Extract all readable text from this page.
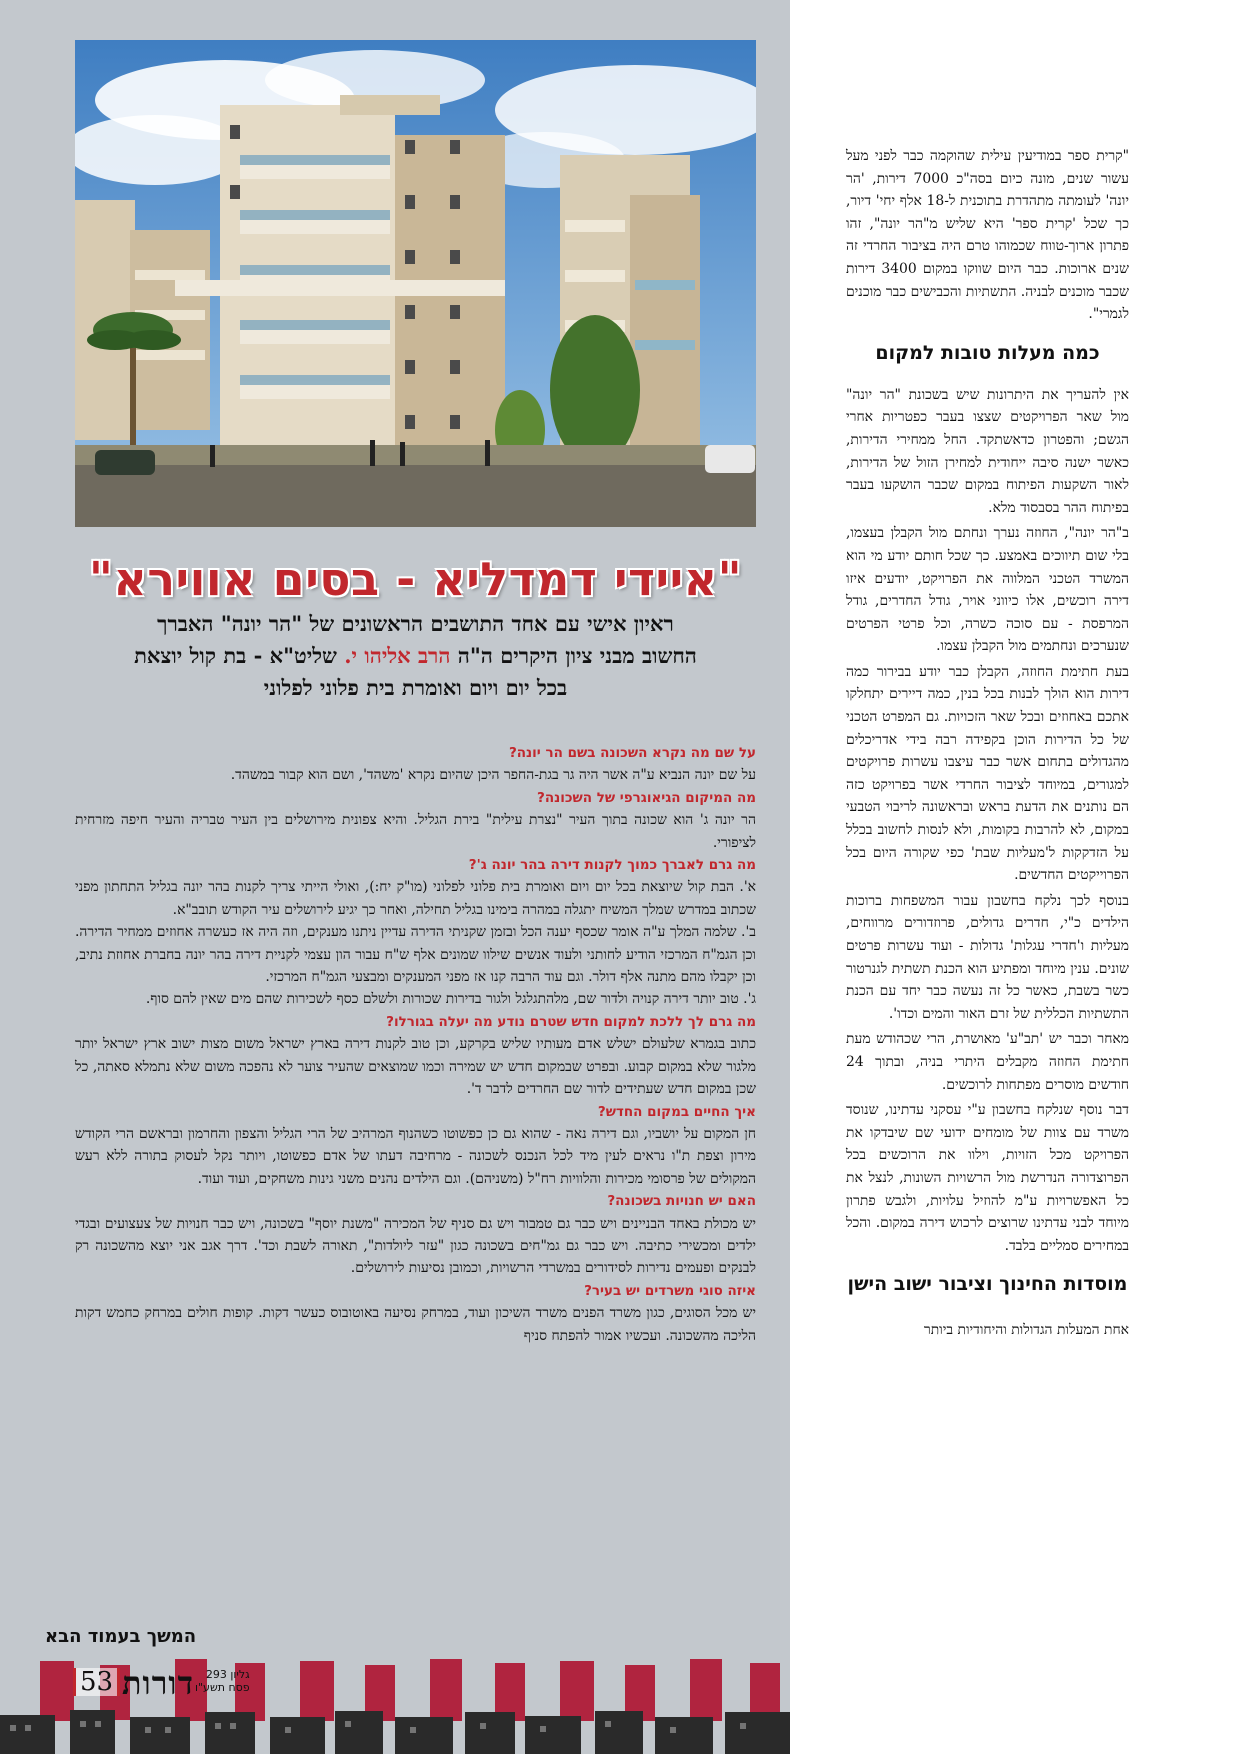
"איידי דמדליא - בסים אווירא"
ראיון אישי עם אחד התושבים הראשונים של "הר יונה" האברך
החשוב מבני ציון היקרים ה"ה הרב אליהו י. שליט"א - בת קול יוצאת
בכל יום ויום ואומרת בית פלוני לפלוני

על שם מה נקרא השכונה בשם הר יונה?

על שם יונה הנביא ע"ה אשר היה גר בגת-החפר היכן שהיום נקרא 'משהד', ושם הוא קבור במשהד.

מה המיקום הגיאוגרפי של השכונה?

הר יונה ג' הוא שכונה בתוך העיר "נצרת עילית" בירת הגליל. והיא צפונית מירושלים בין העיר טבריה והעיר חיפה מזרחית לציפורי.

מה גרם לאברך כמוך לקנות דירה בהר יונה ג'?

א'. הבת קול שיוצאת בכל יום ויום ואומרת בית פלוני לפלוני (מו"ק יח:), ואולי הייתי צריך לקנות בהר יונה בגליל התחתון מפני שכתוב במדרש שמלך המשיח יתגלה במהרה בימינו בגליל תחילה, ואחר כך יגיע לירושלים עיר הקודש תובב"א.

ב'. שלמה המלך ע"ה אומר שכסף יענה הכל ובזמן שקניתי הדירה עדיין ניתנו מענקים, וזה היה אז כעשרה אחוזים ממחיר הדירה. וכן הגמ"ח המרכזי הודיע לחותני ולעוד אנשים שילוו שמונים אלף ש"ח עבור הון עצמי לקניית דירה בהר יונה בחברת אחוזת נתיב, וכן יקבלו מהם מתנה אלף דולר. וגם עוד הרבה קנו אז מפני המענקים ומבצעי הגמ"ח המרכזי.

ג'. טוב יותר דירה קנויה ולדור שם, מלהתגלגל ולגור בדירות שכורות ולשלם כסף לשכירות שהם מים שאין להם סוף.

מה גרם לך ללכת למקום חדש שטרם נודע מה יעלה בגורלו?

כתוב בגמרא שלעולם ישלש אדם מעותיו שליש בקרקע, וכן טוב לקנות דירה בארץ ישראל משום מצות ישוב ארץ ישראל יותר מלגור שלא במקום קבוע. ובפרט שבמקום חדש יש שמירה וכמו שמוצאים שהעיר צוער לא נהפכה משום שלא נתמלא סאתה, כל שכן במקום חדש שעתידים לדור שם החרדים לדבר ד'.

איך החיים במקום החדש?

חן המקום על יושביו, וגם דירה נאה - שהוא גם כן כפשוטו כשהנוף המרהיב של הרי הגליל והצפון והחרמון ובראשם הרי הקודש מירון וצפת ת"ו נראים לעין מיד לכל הנכנס לשכונה - מרחיבה דעתו של אדם כפשוטו, ויותר נקל לעסוק בתורה ללא רעש המקולים של פרסומי מכירות והלוויות רח"ל (משניהם). וגם הילדים נהנים משני גינות משחקים, ועוד ועוד.

האם יש חנויות בשכונה?

יש מכולת באחד הבניינים ויש כבר גם טמבור ויש גם סניף של המכירה "משנת יוסף" בשכונה, ויש כבר חנויות של צעצועים ובגדי ילדים ומכשירי כתיבה. ויש כבר גם גמ"חים בשכונה כגון "עזר ליולדות", תאורה לשבת וכד'. דרך אגב אני יוצא מהשכונה רק לבנקים ופעמים נדירות לסידורים במשרדי הרשויות, וכמובן נסיעות לירושלים.

איזה סוגי משרדים יש בעיר?

יש מכל הסוגים, כגון משרד הפנים משרד השיכון ועוד, במרחק נסיעה באוטובוס כעשר דקות. קופות חולים במרחק כחמש דקות הליכה מהשכונה. ועכשיו אמור להפתח סניף

המשך בעמוד הבא
53 דורות	גליון 293
פסח תשע"ו

"קרית ספר במודיעין עילית שהוקמה כבר לפני מעל עשור שנים, מונה כיום בסה"כ 7000 דירות, 'הר יונה' לעומתה מתהדרת בתוכנית ל-18 אלף יחי' דיור, כך שכל 'קרית ספר' היא שליש מ"הר יונה", זהו פתרון ארוך-טווח שכמוהו טרם היה בציבור החרדי זה שנים ארוכות. כבר היום שווקו במקום 3400 דירות שכבר מוכנים לבניה. התשתיות והכבישים כבר מוכנים לגמרי".

כמה מעלות טובות למקום

אין להעריך את היתרונות שיש בשכונת "הר יונה" מול שאר הפרויקטים שצצו בעבר כפטריות אחרי הגשם; והפטרון כדאשתקד. החל ממחירי הדירות, כאשר ישנה סיבה ייחודית למחירן הזול של הדירות, לאור השקעות הפיתוח במקום שכבר הושקעו בעבר בפיתוח ההר בסבסוד מלא.

ב"הר יונה", החוזה נערך ונחתם מול הקבלן בעצמו, בלי שום תיווכים באמצע. כך שכל חותם יודע מי הוא המשרד הטכני המלווה את הפרויקט, יודעים איזו דירה רוכשים, אלו כיווני אויר, גודל החדרים, גודל המרפסת - עם סוכה כשרה, וכל פרטי הפרטים שנערכים ונחתמים מול הקבלן עצמו.

בעת חתימת החוזה, הקבלן כבר יודע בבירור כמה דירות הוא הולך לבנות בכל בנין, כמה דיירים יתחלקו אתכם באחוזים ובכל שאר הזכויות. גם המפרט הטכני של כל הדירות הוכן בקפידה רבה בידי אדריכלים מהגדולים בתחום אשר כבר עיצבו עשרות פרויקטים למגורים, במיוחד לציבור החרדי אשר בפרויקט כזה הם נותנים את הדעת בראש ובראשונה לריבוי הטבעי במקום, לא להרבות בקומות, ולא לנסות לחשוב בכלל על הזדקקות ל'מעליות שבת' כפי שקורה היום בכל הפרוייקטים החדשים.

בנוסף לכך נלקח בחשבון עבור המשפחות ברוכות הילדים כ"י, חדרים גדולים, פרוזדורים מרווחים, מעליות ו'חדרי עגלות' גדולות - ועוד עשרות פרטים שונים. ענין מיוחד ומפתיע הוא הכנת תשתית לגנרטור כשר בשבת, כאשר כל זה נעשה כבר יחד עם הכנת התשתיות הכללית של זרם האור והמים וכדו'.

מאחר וכבר יש 'תב"ע' מאושרת, הרי שכהודש מעת חתימת החוזה מקבלים היתרי בניה, ובתוך 24 חודשים מוסרים מפתחות לרוכשים.

דבר נוסף שנלקח בחשבון ע"י עסקני עדתינו, שנוסד משרד עם צוות של מומחים ידועי שם שיבדקו את הפרויקט מכל הזויות, וילוו את הרוכשים בכל הפרוצדורה הנדרשת מול הרשויות השונות, לנצל את כל האפשרויות ע"מ להוזיל עלויות, ולגבש פתרון מיוחד לבני עדתינו שרוצים לרכוש דירה במקום. והכל במחירים סמליים בלבד.

מוסדות החינוך וציבור ישוב הישן

אחת המעלות הגדולות והיחודיות ביותר
